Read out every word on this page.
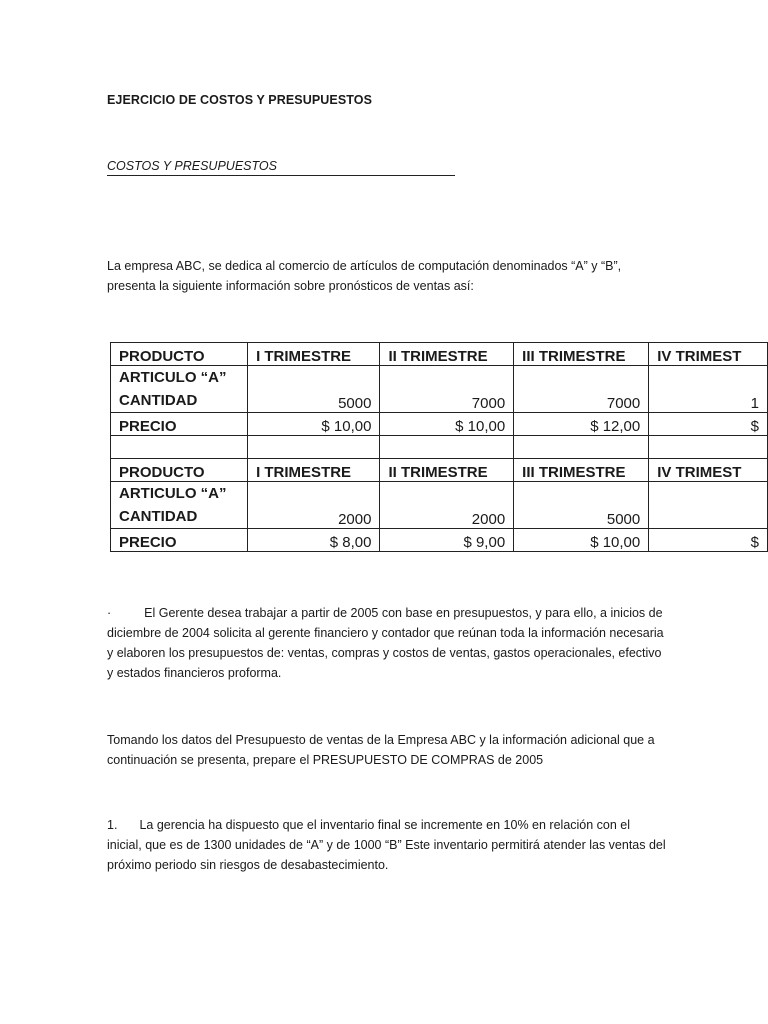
EJERCICIO DE COSTOS Y PRESUPUESTOS
COSTOS Y PRESUPUESTOS
La empresa ABC, se dedica al comercio de artículos de computación denominados “A” y “B”, presenta la siguiente información sobre pronósticos de ventas así:
PRODUCTO	I TRIMESTRE	II TRIMESTRE	III TRIMESTRE	IV TRIMEST

ARTICULO “A”
CANTIDAD	5000	7000	7000	1
PRECIO	$ 10,00	$ 10,00	$ 12,00	$

PRODUCTO	I TRIMESTRE	II TRIMESTRE	III TRIMESTRE	IV TRIMEST

ARTICULO “A”
CANTIDAD	2000	2000	5000	
PRECIO	$ 8,00	$ 9,00	$ 10,00	$
·	El Gerente desea trabajar a partir de 2005 con base en presupuestos, y para ello, a inicios de diciembre de 2004 solicita al gerente financiero y contador que reúnan toda la información necesaria y elaboren los presupuestos de: ventas, compras y costos de ventas, gastos operacionales, efectivo y estados financieros proforma.
Tomando los datos del Presupuesto de ventas de la Empresa ABC y la información adicional que a continuación se presenta, prepare el PRESUPUESTO DE COMPRAS de 2005
1. La gerencia ha dispuesto que el inventario final se incremente en 10% en relación con el inicial, que es de 1300 unidades de “A” y de 1000 “B” Este inventario permitirá atender las ventas del próximo periodo sin riesgos de desabastecimiento.
